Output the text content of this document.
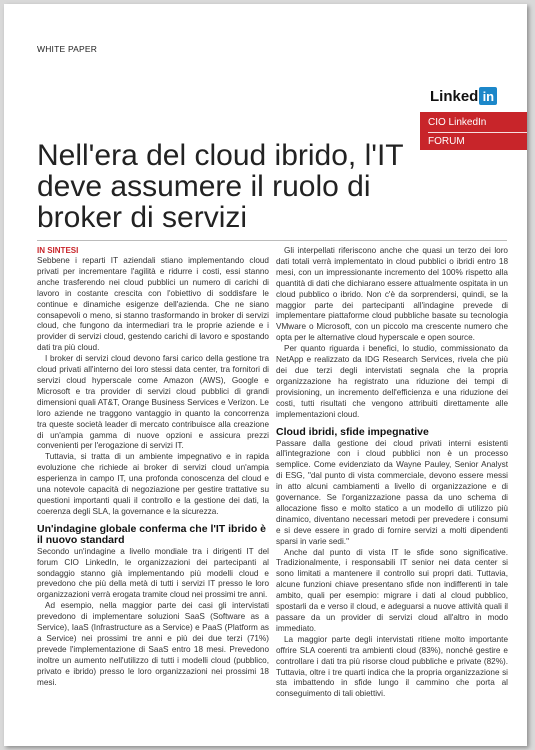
WHITE PAPER
Linked in
CIO LinkedIn
FORUM
Nell'era del cloud ibrido, l'IT deve assumere il ruolo di broker di servizi
IN SINTESI

Sebbene i reparti IT aziendali stiano implementando cloud privati per incrementare l'agilità e ridurre i costi, essi stanno anche trasferendo nei cloud pubblici un numero di carichi di lavoro in costante crescita con l'obiettivo di soddisfare le continue e dinamiche esigenze dell'azienda. Che ne siano consapevoli o meno, si stanno trasformando in broker di servizi cloud, che fungono da intermediari tra le proprie aziende e i provider di servizi cloud, gestendo carichi di lavoro e spostando dati tra più cloud.

I broker di servizi cloud devono farsi carico della gestione tra cloud privati all'interno dei loro stessi data center, tra fornitori di servizi cloud hyperscale come Amazon (AWS), Google e Microsoft e tra provider di servizi cloud pubblici di grandi dimensioni quali AT&T, Orange Business Services e Verizon. Le loro aziende ne traggono vantaggio in quanto la concorrenza tra queste società leader di mercato contribuisce alla creazione di un'ampia gamma di nuove opzioni e assicura prezzi convenienti per l'erogazione di servizi IT.

Tuttavia, si tratta di un ambiente impegnativo e in rapida evoluzione che richiede ai broker di servizi cloud un'ampia esperienza in campo IT, una profonda conoscenza del cloud e una notevole capacità di negoziazione per gestire trattative su questioni importanti quali il controllo e la gestione dei dati, la coerenza degli SLA, la governance e la sicurezza.

Un'indagine globale conferma che l'IT ibrido è il nuovo standard

Secondo un'indagine a livello mondiale tra i dirigenti IT del forum CIO LinkedIn, le organizzazioni dei partecipanti al sondaggio stanno già implementando più modelli cloud e prevedono che più della metà di tutti i servizi IT presso le loro organizzazioni verrà erogata tramite cloud nei prossimi tre anni.

Ad esempio, nella maggior parte dei casi gli intervistati prevedono di implementare soluzioni SaaS (Software as a Service), IaaS (Infrastructure as a Service) e PaaS (Platform as a Service) nei prossimi tre anni e più dei due terzi (71%) prevede l'implementazione di SaaS entro 18 mesi. Prevedono inoltre un aumento nell'utilizzo di tutti i modelli cloud (pubblico, privato e ibrido) presso le loro organizzazioni nei prossimi 18 mesi.

Gli interpellati riferiscono anche che quasi un terzo dei loro dati totali verrà implementato in cloud pubblici o ibridi entro 18 mesi, con un impressionante incremento del 100% rispetto alla quantità di dati che dichiarano essere attualmente ospitata in un cloud pubblico o ibrido. Non c'è da sorprendersi, quindi, se la maggior parte dei partecipanti all'indagine prevede di implementare piattaforme cloud pubbliche basate su tecnologia VMware o Microsoft, con un piccolo ma crescente numero che opta per le alternative cloud hyperscale e open source.

Per quanto riguarda i benefici, lo studio, commissionato da NetApp e realizzato da IDG Research Services, rivela che più dei due terzi degli intervistati segnala che la propria organizzazione ha registrato una riduzione dei tempi di provisioning, un incremento dell'efficienza e una riduzione dei costi, tutti risultati che vengono attribuiti direttamente alle implementazioni cloud.

Cloud ibridi, sfide impegnative

Passare dalla gestione dei cloud privati interni esistenti all'integrazione con i cloud pubblici non è un processo semplice. Come evidenziato da Wayne Pauley, Senior Analyst di ESG, "dal punto di vista commerciale, devono essere messi in atto alcuni cambiamenti a livello di organizzazione e di governance. Se l'organizzazione passa da uno schema di allocazione fisso e molto statico a un modello di utilizzo più dinamico, diventano necessari metodi per prevedere i consumi e si deve essere in grado di fornire servizi a molti dipendenti sparsi in varie sedi."

Anche dal punto di vista IT le sfide sono significative. Tradizionalmente, i responsabili IT senior nei data center si sono limitati a mantenere il controllo sui propri dati. Tuttavia, alcune funzioni chiave presentano sfide non indifferenti in tale ambito, quali per esempio: migrare i dati al cloud pubblico, spostarli da e verso il cloud, e adeguarsi a nuove attività quali il passare da un provider di servizi cloud all'altro in modo immediato.

La maggior parte degli intervistati ritiene molto importante offrire SLA coerenti tra ambienti cloud (83%), nonché gestire e controllare i dati tra più risorse cloud pubbliche e private (82%). Tuttavia, oltre i tre quarti indica che la propria organizzazione si sta imbattendo in sfide lungo il cammino che porta al conseguimento di tali obiettivi.
